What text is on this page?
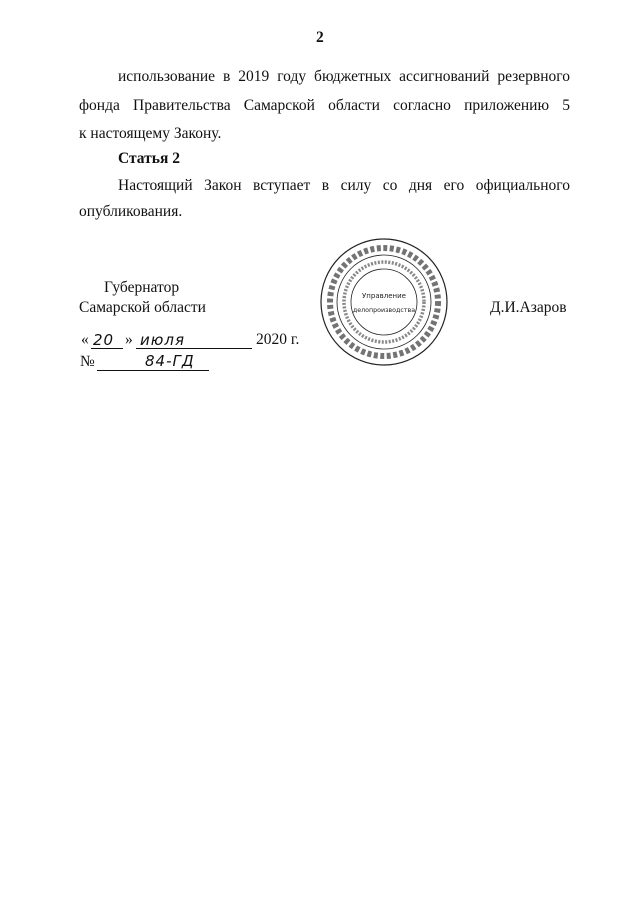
2
использование в 2019 году бюджетных ассигнований резервного
фонда Правительства Самарской области согласно приложению 5
к настоящему Закону.
Статья 2
Настоящий Закон вступает в силу со дня его официального
опубликования.
Губернатор
Самарской области	Д.И.Азаров
« 20 » июля	2020 г.
№	84-ГД
Управление
делопроизводства
